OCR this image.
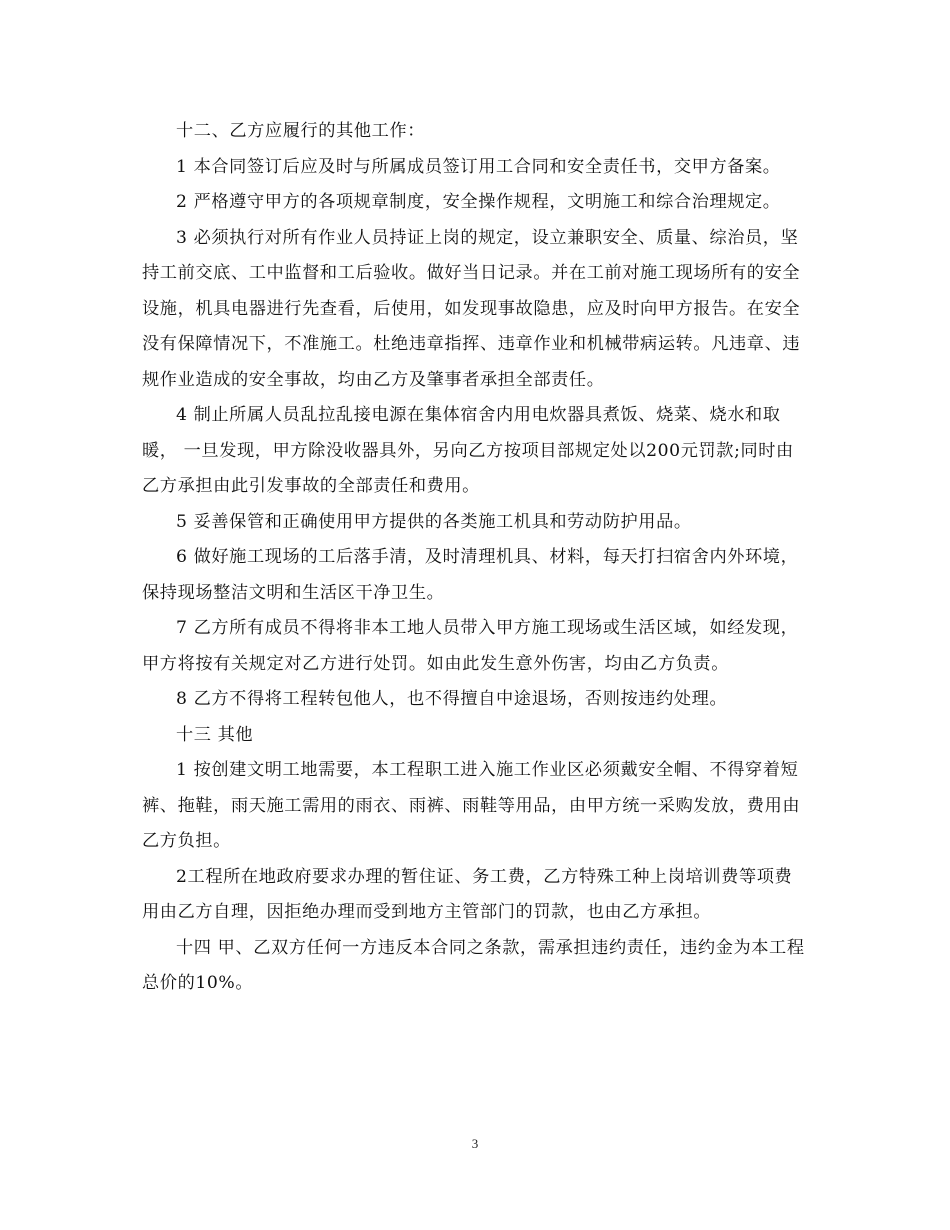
十二、乙方应履行的其他工作：

1 本合同签订后应及时与所属成员签订用工合同和安全责任书，交甲方备案。

2 严格遵守甲方的各项规章制度，安全操作规程，文明施工和综合治理规定。

3 必须执行对所有作业人员持证上岗的规定，设立兼职安全、质量、综治员，坚持工前交底、工中监督和工后验收。做好当日记录。并在工前对施工现场所有的安全设施，机具电器进行先查看，后使用，如发现事故隐患，应及时向甲方报告。在安全没有保障情况下，不准施工。杜绝违章指挥、违章作业和机械带病运转。凡违章、违规作业造成的安全事故，均由乙方及肇事者承担全部责任。

4 制止所属人员乱拉乱接电源在集体宿舍内用电炊器具煮饭、烧菜、烧水和取暖， 一旦发现，甲方除没收器具外，另向乙方按项目部规定处以200元罚款;同时由乙方承担由此引发事故的全部责任和费用。

5 妥善保管和正确使用甲方提供的各类施工机具和劳动防护用品。

6 做好施工现场的工后落手清，及时清理机具、材料，每天打扫宿舍内外环境， 保持现场整洁文明和生活区干净卫生。

7 乙方所有成员不得将非本工地人员带入甲方施工现场或生活区域，如经发现， 甲方将按有关规定对乙方进行处罚。如由此发生意外伤害，均由乙方负责。

8 乙方不得将工程转包他人，也不得擅自中途退场，否则按违约处理。

十三 其他

1 按创建文明工地需要，本工程职工进入施工作业区必须戴安全帽、不得穿着短裤、拖鞋，雨天施工需用的雨衣、雨裤、雨鞋等用品，由甲方统一采购发放，费用由乙方负担。

2工程所在地政府要求办理的暂住证、务工费，乙方特殊工种上岗培训费等项费用由乙方自理，因拒绝办理而受到地方主管部门的罚款，也由乙方承担。

十四 甲、乙双方任何一方违反本合同之条款，需承担违约责任，违约金为本工程总价的10%。

3
